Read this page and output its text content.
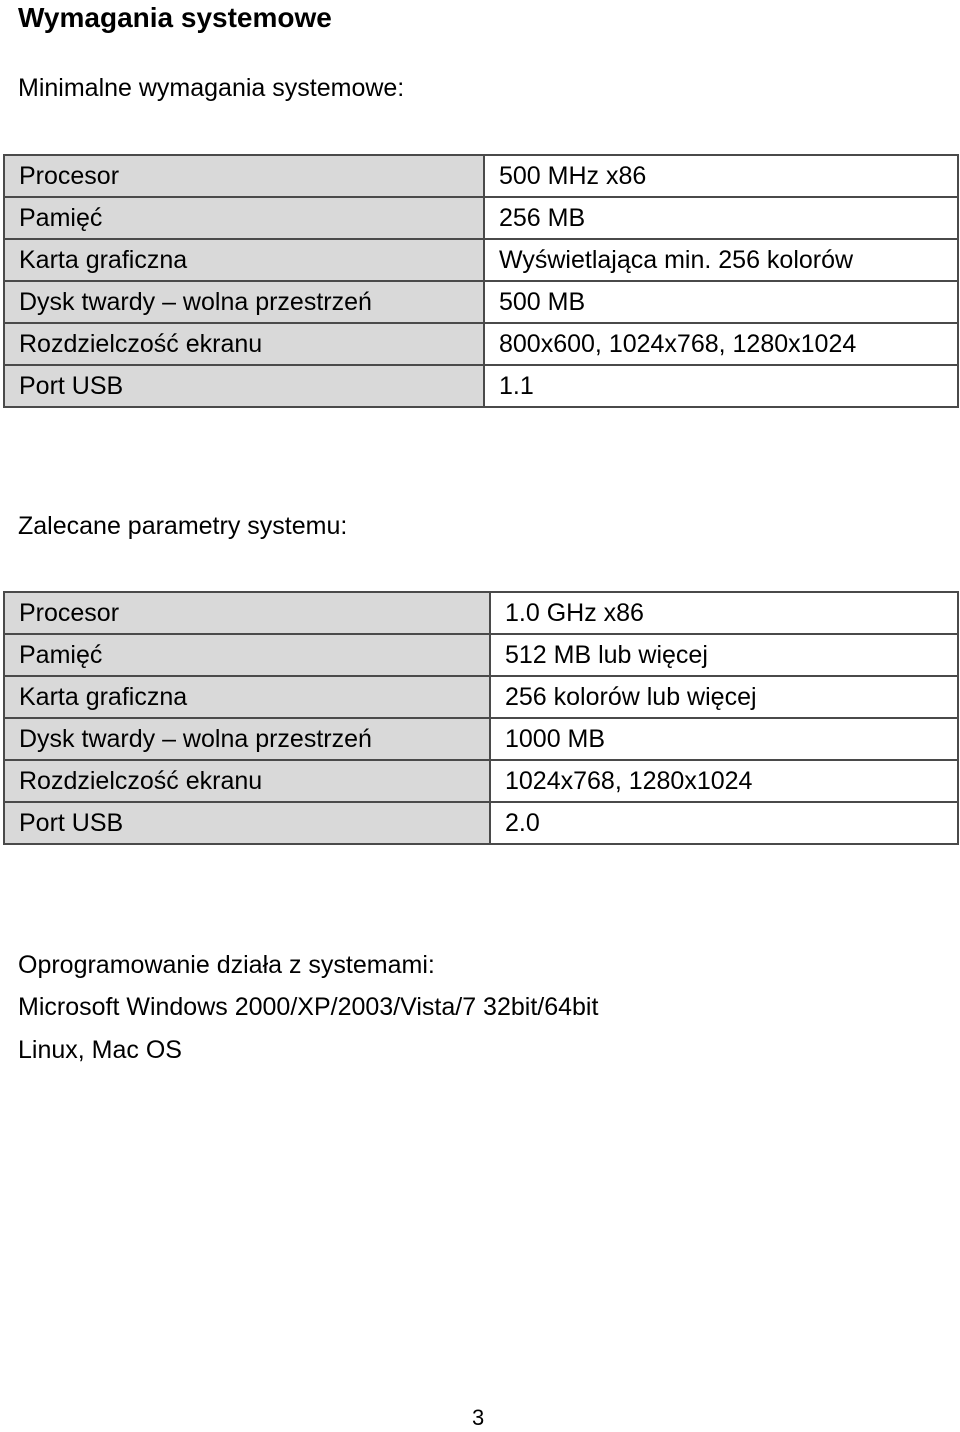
Wymagania systemowe

Minimalne wymagania systemowe:

Procesor	500 MHz x86
Pamięć	256 MB
Karta graficzna	Wyświetlająca min. 256 kolorów
Dysk twardy – wolna przestrzeń	500 MB
Rozdzielczość ekranu	800x600, 1024x768, 1280x1024
Port USB	1.1

Zalecane parametry systemu:

Procesor	1.0 GHz x86
Pamięć	512 MB lub więcej
Karta graficzna	256 kolorów lub więcej
Dysk twardy – wolna przestrzeń	1000 MB
Rozdzielczość ekranu	1024x768, 1280x1024
Port USB	2.0

Oprogramowanie działa z systemami:

Microsoft Windows 2000/XP/2003/Vista/7 32bit/64bit

Linux, Mac OS

3
